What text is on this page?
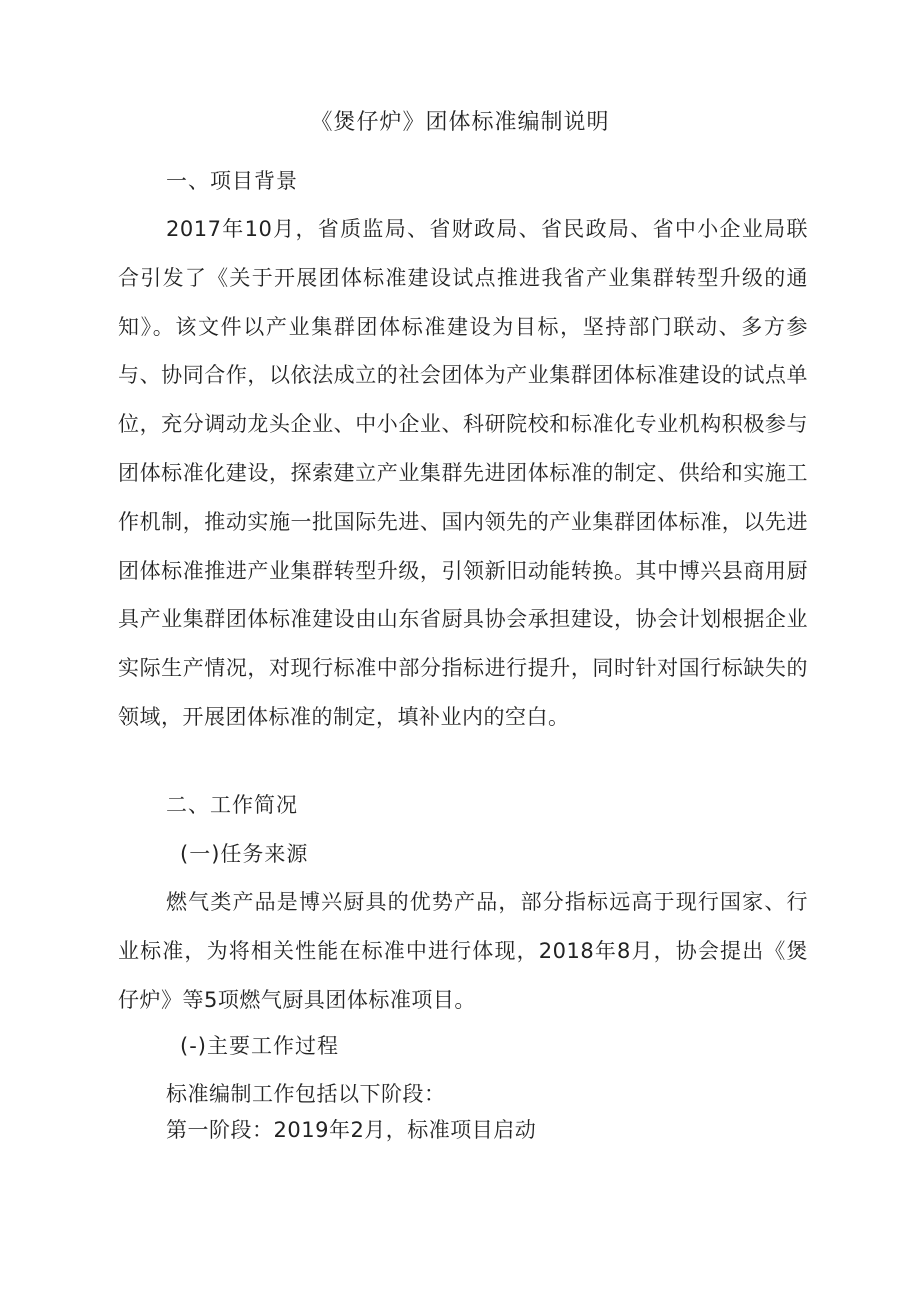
《煲仔炉》团体标准编制说明
一、项目背景

2017年10月，省质监局、省财政局、省民政局、省中小企业局联合引发了《关于开展团体标准建设试点推进我省产业集群转型升级的通知》。该文件以产业集群团体标准建设为目标，坚持部门联动、多方参与、协同合作，以依法成立的社会团体为产业集群团体标准建设的试点单位，充分调动龙头企业、中小企业、科研院校和标准化专业机构积极参与团体标准化建设，探索建立产业集群先进团体标准的制定、供给和实施工作机制，推动实施一批国际先进、国内领先的产业集群团体标准，以先进团体标准推进产业集群转型升级，引领新旧动能转换。其中博兴县商用厨具产业集群团体标准建设由山东省厨具协会承担建设，协会计划根据企业实际生产情况，对现行标准中部分指标进行提升，同时针对国行标缺失的领域，开展团体标准的制定，填补业内的空白。

二、工作简况
(一)任务来源

燃气类产品是博兴厨具的优势产品，部分指标远高于现行国家、行业标准，为将相关性能在标准中进行体现，2018年8月，协会提出《煲仔炉》等5项燃气厨具团体标准项目。

(-)主要工作过程

标准编制工作包括以下阶段：

第一阶段：2019年2月，标准项目启动
